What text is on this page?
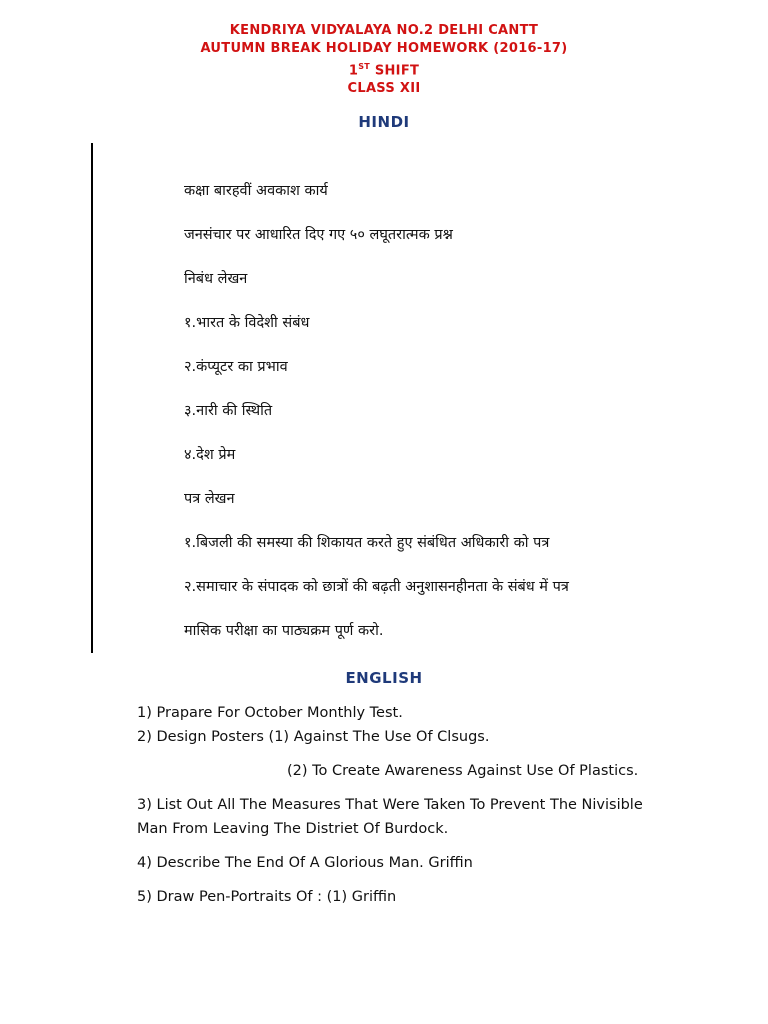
KENDRIYA VIDYALAYA NO.2 DELHI CANTT
AUTUMN BREAK HOLIDAY HOMEWORK (2016-17)
1ST SHIFT
CLASS XII
HINDI
कक्षा बारहवीं अवकाश कार्य
जनसंचार पर आधारित दिए गए ५० लघूतरात्मक प्रश्न
निबंध लेखन
१.भारत के विदेशी संबंध
२.कंप्यूटर का प्रभाव
३.नारी की स्थिति
४.देश प्रेम
पत्र लेखन
१.बिजली की समस्या की शिकायत करते हुए संबंधित अधिकारी को पत्र
२.समाचार के संपादक को छात्रों की बढ़ती अनुशासनहीनता के संबंध में पत्र
मासिक परीक्षा का पाठ्यक्रम पूर्ण करो.
ENGLISH
1) Prapare For October Monthly Test.
2) Design Posters (1) Against The Use Of Clsugs.
(2) To Create Awareness Against Use Of Plastics.
3) List Out All The Measures That Were Taken To Prevent The Nivisible
Man From Leaving The Distriet Of Burdock.
4) Describe The End Of A Glorious Man. Griffin
5) Draw Pen-Portraits Of : (1) Griffin
